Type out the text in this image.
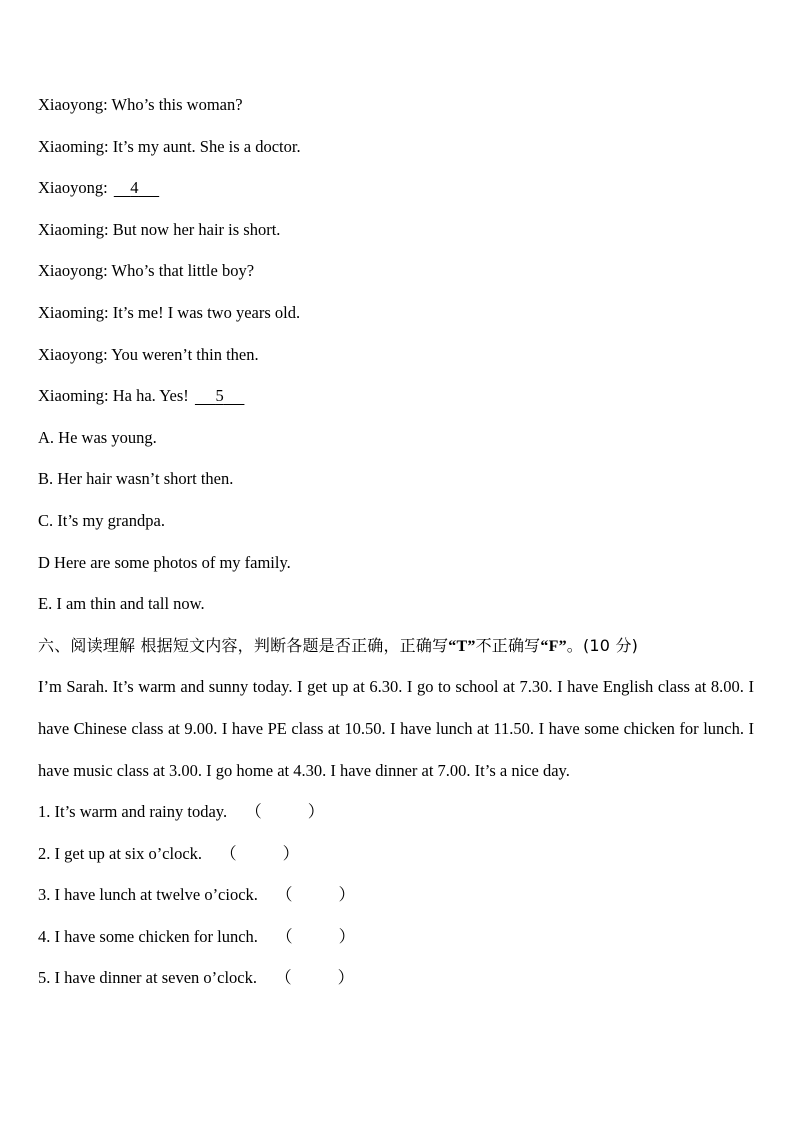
Xiaoyong: Who’s this woman?
Xiaoming: It’s my aunt. She is a doctor.
Xiaoyong: 4
Xiaoming: But now her hair is short.
Xiaoyong: Who’s that little boy?
Xiaoming: It’s me! I was two years old.
Xiaoyong: You weren’t thin then.
Xiaoming: Ha ha. Yes! 5
A. He was young.
B. Her hair wasn’t short then.
C. It’s my grandpa.
D Here are some photos of my family.
E. I am thin and tall now.
六、阅读理解 根据短文内容，判断各题是否正确，正确写“T”不正确写“F”。(10 分)
I’m Sarah. It’s warm and sunny today. I get up at 6.30. I go to school at 7.30. I have English class at 8.00. I have Chinese class at 9.00. I have PE class at 10.50. I have lunch at 11.50. I have some chicken for lunch. I have music class at 3.00. I go home at 4.30. I have dinner at 7.00. It’s a nice day.
1. It’s warm and rainy today. （	）
2. I get up at six o’clock. （	）
3. I have lunch at twelve o’ciock. （	）
4. I have some chicken for lunch. （	）
5. I have dinner at seven o’clock. （	）
